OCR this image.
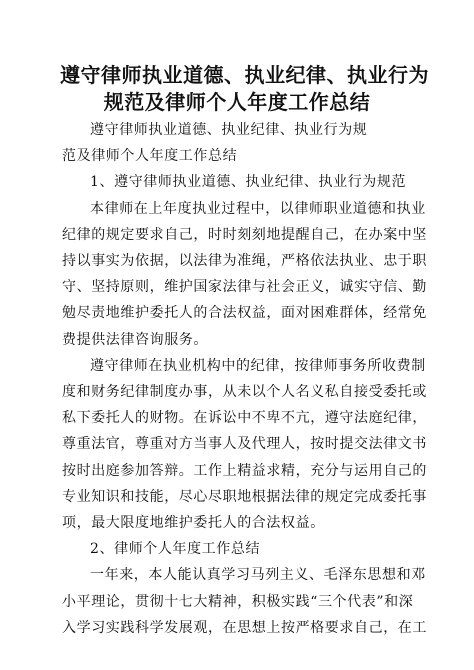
遵守律师执业道德、执业纪律、执业行为
规范及律师个人年度工作总结
遵守律师执业道德、执业纪律、执业行为规
范及律师个人年度工作总结
1、遵守律师执业道德、执业纪律、执业行为规范
本律师在上年度执业过程中，以律师职业道德和执业
纪律的规定要求自己，时时刻刻地提醒自己，在办案中坚
持以事实为依据，以法律为准绳，严格依法执业、忠于职
守、坚持原则，维护国家法律与社会正义，诚实守信、勤
勉尽责地维护委托人的合法权益，面对困难群体，经常免
费提供法律咨询服务。
遵守律师在执业机构中的纪律，按律师事务所收费制
度和财务纪律制度办事，从未以个人名义私自接受委托或
私下委托人的财物。在诉讼中不卑不亢，遵守法庭纪律，
尊重法官，尊重对方当事人及代理人，按时提交法律文书
按时出庭参加答辩。工作上精益求精，充分与运用自己的
专业知识和技能，尽心尽职地根据法律的规定完成委托事
项，最大限度地维护委托人的合法权益。
2、律师个人年度工作总结
一年来，本人能认真学习马列主义、毛泽东思想和邓
小平理论，贯彻十七大精神，积极实践“三个代表”和深
入学习实践科学发展观，在思想上按严格要求自己，在工
